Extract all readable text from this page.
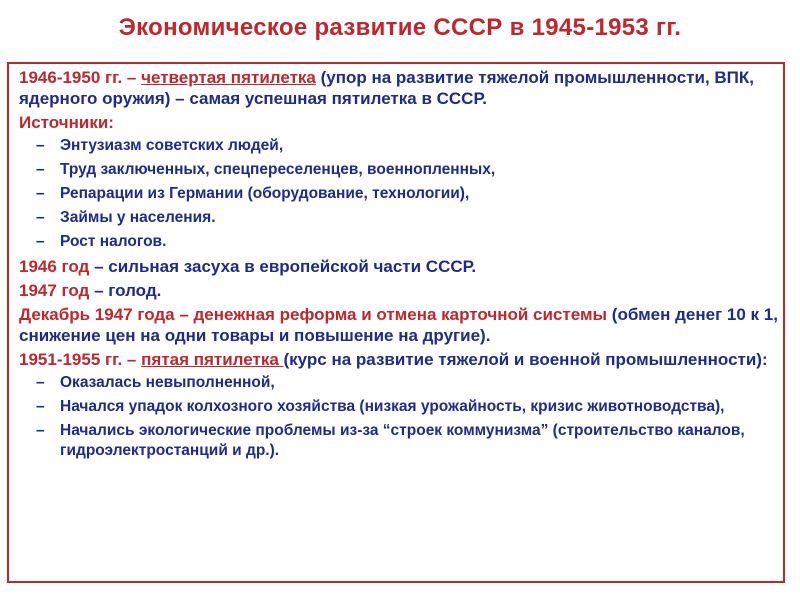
Экономическое развитие СССР в 1945-1953 гг.

1946-1950 гг. – четвертая пятилетка (упор на развитие тяжелой промышленности, ВПК, ядерного оружия) – самая успешная пятилетка в СССР.

Источники:

– Энтузиазм советских людей,
– Труд заключенных, спецпереселенцев, военнопленных,
– Репарации из Германии (оборудование, технологии),
– Займы у населения.
– Рост налогов.

1946 год – сильная засуха в европейской части СССР.

1947 год – голод.

Декабрь 1947 года – денежная реформа и отмена карточной системы (обмен денег 10 к 1, снижение цен на одни товары и повышение на другие).

1951-1955 гг. – пятая пятилетка (курс на развитие тяжелой и военной промышленности):

– Оказалась невыполненной,
– Начался упадок колхозного хозяйства (низкая урожайность, кризис животноводства),
– Начались экологические проблемы из-за “строек коммунизма” (строительство каналов, гидроэлектростанций и др.).
